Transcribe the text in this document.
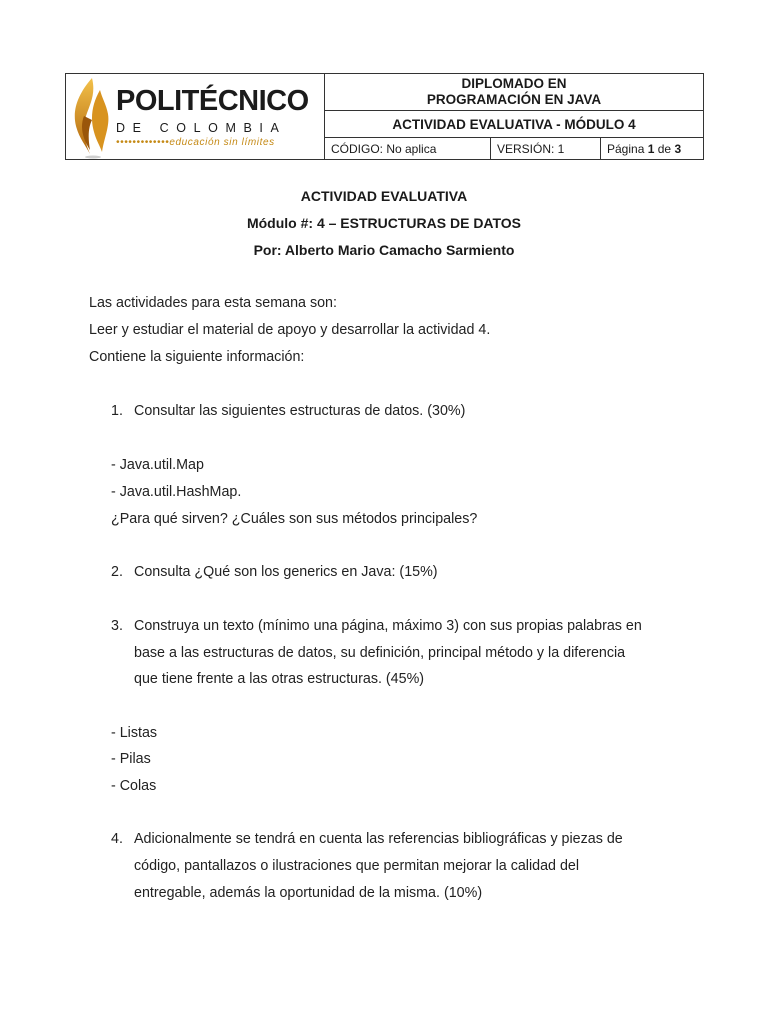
POLITÉCNICO
DE COLOMBIA
•••••••••••••educación sin límites
DIPLOMADO EN
PROGRAMACIÓN EN JAVA
ACTIVIDAD EVALUATIVA - MÓDULO 4
CÓDIGO: No aplica	VERSIÓN: 1	Página
1
de
3
ACTIVIDAD EVALUATIVA
Módulo #: 4 – ESTRUCTURAS DE DATOS
Por: Alberto Mario Camacho Sarmiento
Las actividades para esta semana son:
Leer y estudiar el material de apoyo y desarrollar la actividad 4.
Contiene la siguiente información:
1. Consultar las siguientes estructuras de datos. (30%)
- Java.util.Map
- Java.util.HashMap.
¿Para qué sirven? ¿Cuáles son sus métodos principales?
2. Consulta ¿Qué son los generics en Java: (15%)
3. Construya un texto (mínimo una página, máximo 3) con sus propias palabras en
base a las estructuras de datos, su definición, principal método y la diferencia
que tiene frente a las otras estructuras. (45%)
- Listas
- Pilas
- Colas
4. Adicionalmente se tendrá en cuenta las referencias bibliográficas y piezas de
código, pantallazos o ilustraciones que permitan mejorar la calidad del
entregable, además la oportunidad de la misma. (10%)
